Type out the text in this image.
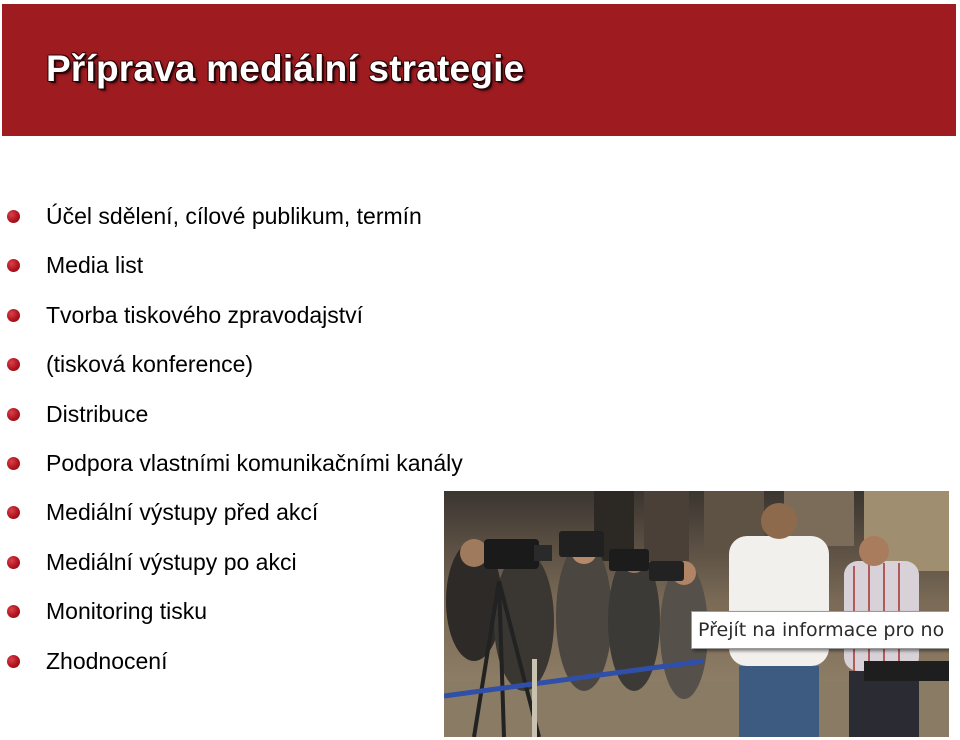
Příprava mediální strategie
Účel sdělení, cílové publikum, termín
Media list
Tvorba tiskového zpravodajství
(tisková konference)
Distribuce
Podpora vlastními komunikačními kanály
Mediální výstupy před akcí
Mediální výstupy po akci
Monitoring tisku
Zhodnocení
Přejít na informace pro no
